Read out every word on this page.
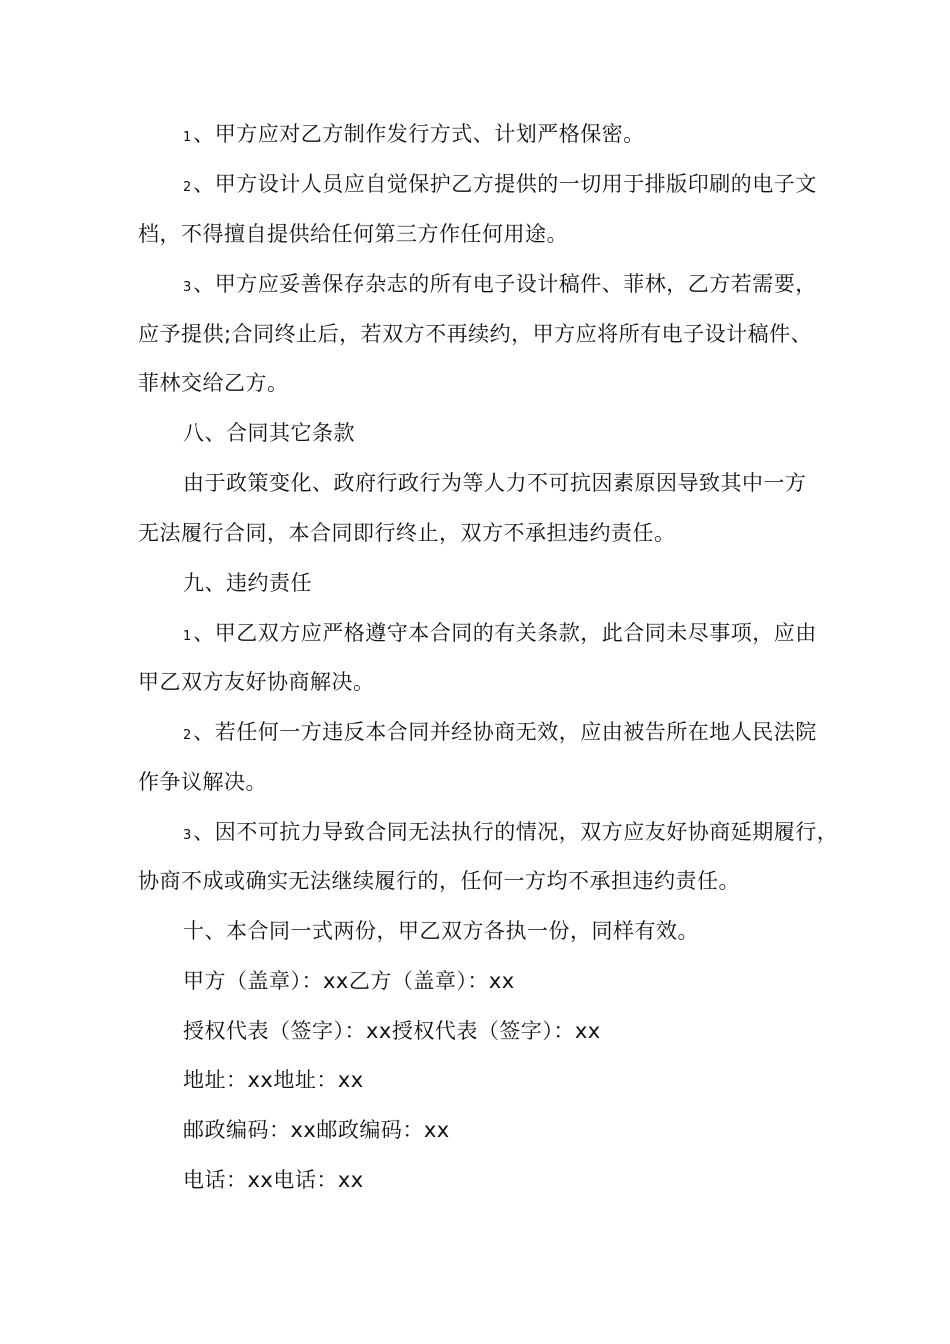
1、甲方应对乙方制作发行方式、计划严格保密。
2、甲方设计人员应自觉保护乙方提供的一切用于排版印刷的电子文
档，不得擅自提供给任何第三方作任何用途。
3、甲方应妥善保存杂志的所有电子设计稿件、菲林，乙方若需要，
应予提供;合同终止后，若双方不再续约，甲方应将所有电子设计稿件、
菲林交给乙方。
八、合同其它条款
由于政策变化、政府行政行为等人力不可抗因素原因导致其中一方
无法履行合同，本合同即行终止，双方不承担违约责任。
九、违约责任
1、甲乙双方应严格遵守本合同的有关条款，此合同未尽事项，应由
甲乙双方友好协商解决。
2、若任何一方违反本合同并经协商无效，应由被告所在地人民法院
作争议解决。
3、因不可抗力导致合同无法执行的情况，双方应友好协商延期履行，
协商不成或确实无法继续履行的，任何一方均不承担违约责任。
十、本合同一式两份，甲乙双方各执一份，同样有效。
甲方（盖章）：xx乙方（盖章）：xx
授权代表（签字）：xx授权代表（签字）：xx
地址：xx地址：xx
邮政编码：xx邮政编码：xx
电话：xx电话：xx
